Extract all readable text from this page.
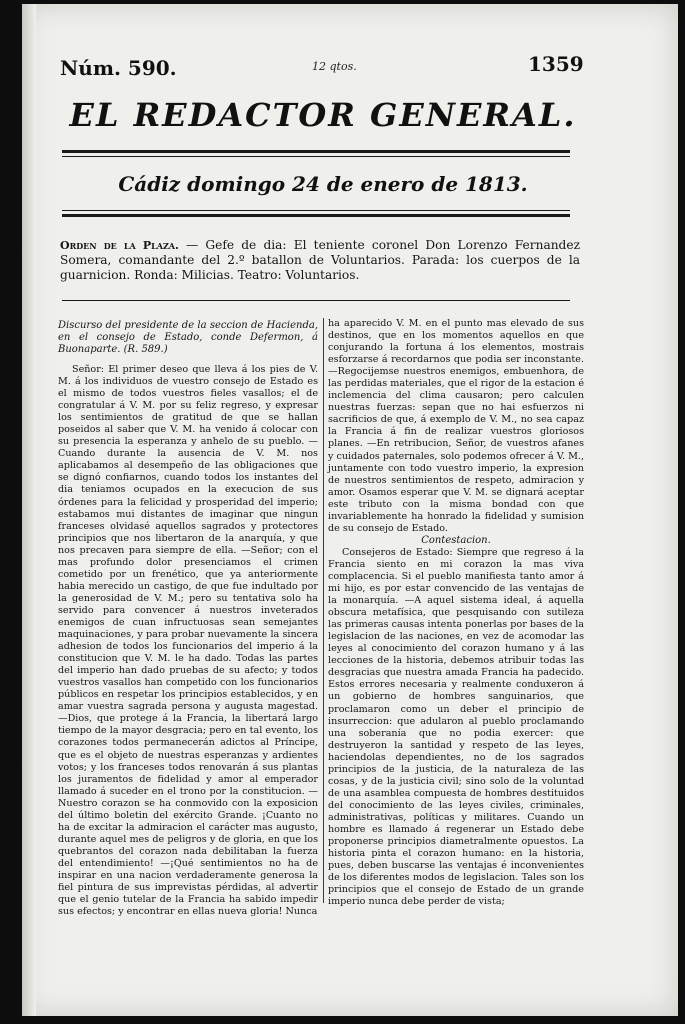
Núm. 590.	12 qtos.	1359
EL REDACTOR GENERAL.
Cádiz domingo 24 de enero de 1813.
Orden de la Plaza. — Gefe de dia: El teniente coronel Don Lorenzo Fernandez Somera, comandante del 2.º batallon de Voluntarios. Parada: los cuerpos de la guarnicion. Ronda: Milicias. Teatro: Voluntarios.

Discurso del presidente de la seccion de Hacienda, en el consejo de Estado, conde Defermon, á Buonaparte. (R. 589.)

Señor: El primer deseo que lleva á los pies de V. M. á los individuos de vuestro consejo de Estado es el mismo de todos vuestros fieles vasallos; el de congratular á V. M. por su feliz regreso, y expresar los sentimientos de gratitud de que se hallan poseidos al saber que V. M. ha venido á colocar con su presencia la esperanza y anhelo de su pueblo. —Cuando durante la ausencia de V. M. nos aplicabamos al desempeño de las obligaciones que se dignó confiarnos, cuando todos los instantes del dia teniamos ocupados en la execucion de sus órdenes para la felicidad y prosperidad del imperio; estabamos mui distantes de imaginar que ningun franceses olvidasé aquellos sagrados y protectores principios que nos libertaron de la anarquía, y que nos precaven para siempre de ella. —Señor; con el mas profundo dolor presenciamos el crimen cometido por un frenético, que ya anteriormente habia merecido un castigo, de que fue indultado por la generosidad de V. M.; pero su tentativa solo ha servido para convencer á nuestros inveterados enemigos de cuan infructuosas sean semejantes maquinaciones, y para probar nuevamente la sincera adhesion de todos los funcionarios del imperio á la constitucion que V. M. le ha dado. Todas las partes del imperio han dado pruebas de su afecto; y todos vuestros vasallos han competido con los funcionarios públicos en respetar los principios establecidos, y en amar vuestra sagrada persona y augusta magestad. —Dios, que protege á la Francia, la libertará largo tiempo de la mayor desgracia; pero en tal evento, los corazones todos permanecerán adictos al Príncipe, que es el objeto de nuestras esperanzas y ardientes votos; y los franceses todos renovarán á sus plantas los juramentos de fidelidad y amor al emperador llamado á suceder en el trono por la constitucion. —Nuestro corazon se ha conmovido con la exposicion del último boletin del exército Grande. ¡Cuanto no ha de excitar la admiracion el carácter mas augusto, durante aquel mes de peligros y de gloria, en que los quebrantos del corazon nada debilitaban la fuerza del entendimiento! —¡Qué sentimientos no ha de inspirar en una nacion verdaderamente generosa la fiel pintura de sus imprevistas pérdidas, al advertir que el genio tutelar de la Francia ha sabido impedir sus efectos; y encontrar en ellas nueva gloria! Nunca

ha aparecido V. M. en el punto mas elevado de sus destinos, que en los momentos aquellos en que conjurando la fortuna á los elementos, mostrais esforzarse á recordarnos que podia ser inconstante. —Regocijemse nuestros enemigos, embuenhora, de las perdidas materiales, que el rigor de la estacion é inclemencia del clima causaron; pero calculen nuestras fuerzas: sepan que no hai esfuerzos ni sacrificios de que, á exemplo de V. M., no sea capaz la Francia á fin de realizar vuestros gloriosos planes. —En retribucion, Señor, de vuestros afanes y cuidados paternales, solo podemos ofrecer á V. M., juntamente con todo vuestro imperio, la expresion de nuestros sentimientos de respeto, admiracion y amor. Osamos esperar que V. M. se dignará aceptar este tributo con la misma bondad con que invariablemente ha honrado la fidelidad y sumision de su consejo de Estado.

Contestacion.

Consejeros de Estado: Siempre que regreso á la Francia siento en mi corazon la mas viva complacencia. Si el pueblo manifiesta tanto amor á mi hijo, es por estar convencido de las ventajas de la monarquía. —A aquel sistema ideal, á aquella obscura metafísica, que pesquisando con sutileza las primeras causas intenta ponerlas por bases de la legislacion de las naciones, en vez de acomodar las leyes al conocimiento del corazon humano y á las lecciones de la historia, debemos atribuir todas las desgracias que nuestra amada Francia ha padecido. Estos errores necesaria y realmente conduxeron á un gobierno de hombres sanguinarios, que proclamaron como un deber el principio de insurreccion: que adularon al pueblo proclamando una soberanía que no podia exercer: que destruyeron la santidad y respeto de las leyes, haciendolas dependientes, no de los sagrados principios de la justicia, de la naturaleza de las cosas, y de la justicia civil; sino solo de la voluntad de una asamblea compuesta de hombres destituidos del conocimiento de las leyes civiles, criminales, administrativas, políticas y militares. Cuando un hombre es llamado á regenerar un Estado debe proponerse principios diametralmente opuestos. La historia pinta el corazon humano: en la historia, pues, deben buscarse las ventajas é inconvenientes de los diferentes modos de legislacion. Tales son los principios que el consejo de Estado de un grande imperio nunca debe perder de vista;
